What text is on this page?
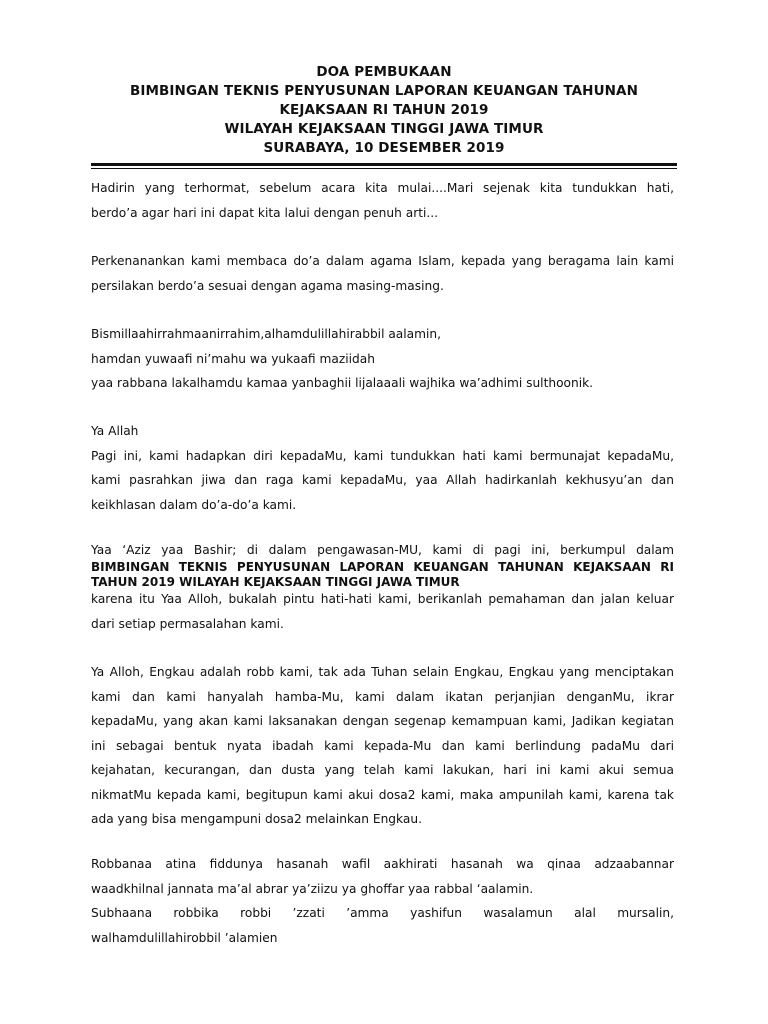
DOA PEMBUKAAN
BIMBINGAN TEKNIS PENYUSUNAN LAPORAN KEUANGAN TAHUNAN
KEJAKSAAN RI TAHUN 2019
WILAYAH KEJAKSAAN TINGGI JAWA TIMUR
SURABAYA, 10 DESEMBER 2019
Hadirin yang terhormat, sebelum acara kita mulai....Mari sejenak kita tundukkan hati,
berdo’a agar hari ini dapat kita lalui dengan penuh arti...
Perkenanankan kami membaca do’a dalam agama Islam, kepada yang beragama lain kami
persilakan berdo’a sesuai dengan agama masing-masing.
Bismillaahirrahmaanirrahim,alhamdulillahirabbil aalamin,
hamdan yuwaafi ni’mahu wa yukaafi maziidah
yaa rabbana lakalhamdu kamaa yanbaghii lijalaaali wajhika wa’adhimi sulthoonik.
Ya Allah
Pagi ini, kami hadapkan diri kepadaMu, kami tundukkan hati kami bermunajat kepadaMu,
kami pasrahkan jiwa dan raga kami kepadaMu, yaa Allah hadirkanlah kekhusyu’an dan
keikhlasan dalam do’a-do’a kami.
Yaa ‘Aziz yaa Bashir; di dalam pengawasan-MU, kami di pagi ini, berkumpul dalam
BIMBINGAN TEKNIS PENYUSUNAN LAPORAN KEUANGAN TAHUNAN KEJAKSAAN RI
TAHUN 2019 WILAYAH KEJAKSAAN TINGGI JAWA TIMUR
karena itu Yaa Alloh, bukalah pintu hati-hati kami, berikanlah pemahaman dan jalan keluar
dari setiap permasalahan kami.
Ya Alloh, Engkau adalah robb kami, tak ada Tuhan selain Engkau, Engkau yang menciptakan
kami dan kami hanyalah hamba-Mu, kami dalam ikatan perjanjian denganMu, ikrar
kepadaMu, yang akan kami laksanakan dengan segenap kemampuan kami, Jadikan kegiatan
ini sebagai bentuk nyata ibadah kami kepada-Mu dan kami berlindung padaMu dari
kejahatan, kecurangan, dan dusta yang telah kami lakukan, hari ini kami akui semua
nikmatMu kepada kami, begitupun kami akui dosa2 kami, maka ampunilah kami, karena tak
ada yang bisa mengampuni dosa2 melainkan Engkau.
Robbanaa atina fiddunya hasanah wafil aakhirati hasanah wa qinaa adzaabannar
waadkhilnal jannata ma’al abrar ya’ziizu ya ghoffar yaa rabbal ‘aalamin.
Subhaana robbika robbi ’zzati ’amma yashifun wasalamun alal mursalin,
walhamdulillahirobbil ’alamien
